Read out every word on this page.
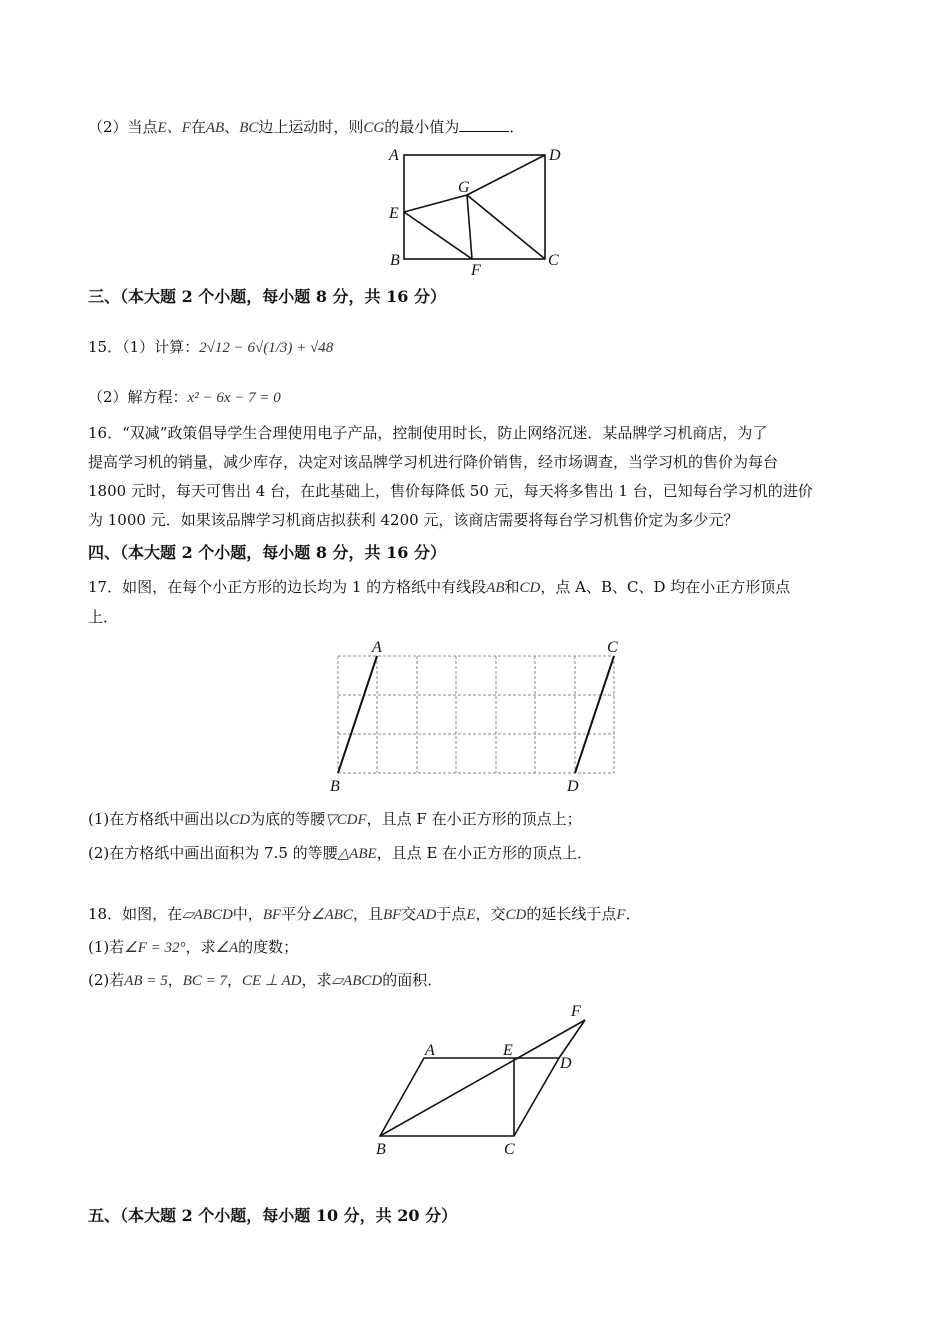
（2）当点E、F在AB、BC边上运动时，则CG的最小值为	．
A	D
G
E
B
F
C
三、（本大题 2 个小题，每小题 8 分，共 16 分）
15．（1）计算：2√12 − 6√(1/3) + √48
（2）解方程：x² − 6x − 7 = 0
16．“双减”政策倡导学生合理使用电子产品，控制使用时长，防止网络沉迷．某品牌学习机商店，为了
提高学习机的销量，减少库存，决定对该品牌学习机进行降价销售，经市场调查，当学习机的售价为每台
1800 元时，每天可售出 4 台，在此基础上，售价每降低 50 元，每天将多售出 1 台，已知每台学习机的进价
为 1000 元．如果该品牌学习机商店拟获利 4200 元，该商店需要将每台学习机售价定为多少元？
四、（本大题 2 个小题，每小题 8 分，共 16 分）
17．如图，在每个小正方形的边长均为 1 的方格纸中有线段AB和CD，点 A、B、C、D 均在小正方形顶点
上．
A	C
B	D
(1)在方格纸中画出以CD为底的等腰▽CDF，且点 F 在小正方形的顶点上；
(2)在方格纸中画出面积为 7.5 的等腰△ABE，且点 E 在小正方形的顶点上．
18．如图，在▱ABCD中，BF平分∠ABC，且BF交AD于点E，交CD的延长线于点F．
(1)若∠F = 32°，求∠A的度数；
(2)若AB = 5，BC = 7，CE ⊥ AD，求▱ABCD的面积．
F
A	E
D
B	C
五、（本大题 2 个小题，每小题 10 分，共 20 分）
